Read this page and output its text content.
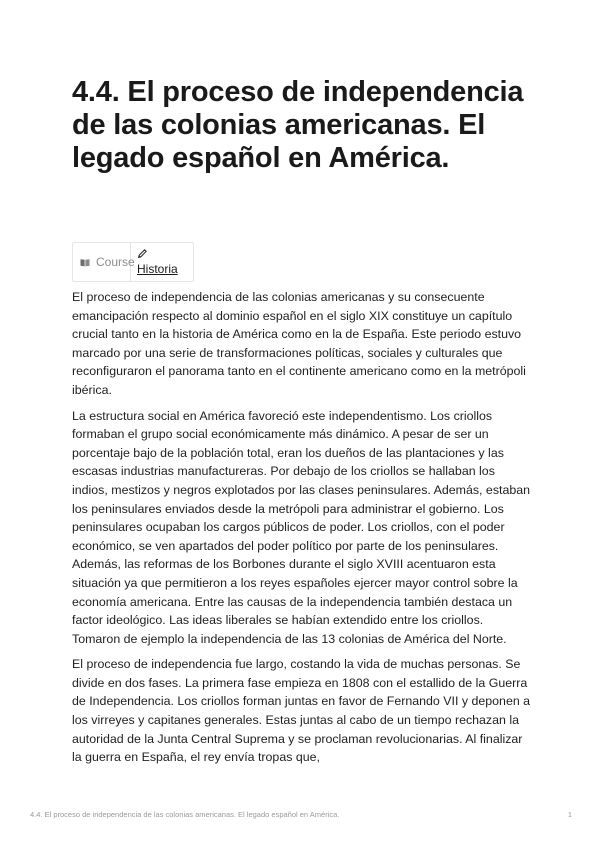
4.4. El proceso de independencia de las colonias americanas. El legado español en América.
Course Historia

El proceso de independencia de las colonias americanas y su consecuente emancipación respecto al dominio español en el siglo XIX constituye un capítulo crucial tanto en la historia de América como en la de España. Este periodo estuvo marcado por una serie de transformaciones políticas, sociales y culturales que reconfiguraron el panorama tanto en el continente americano como en la metrópoli ibérica.

La estructura social en América favoreció este independentismo. Los criollos formaban el grupo social económicamente más dinámico. A pesar de ser un porcentaje bajo de la población total, eran los dueños de las plantaciones y las escasas industrias manufactureras. Por debajo de los criollos se hallaban los indios, mestizos y negros explotados por las clases peninsulares. Además, estaban los peninsulares enviados desde la metrópoli para administrar el gobierno. Los peninsulares ocupaban los cargos públicos de poder. Los criollos, con el poder económico, se ven apartados del poder político por parte de los peninsulares. Además, las reformas de los Borbones durante el siglo XVIII acentuaron esta situación ya que permitieron a los reyes españoles ejercer mayor control sobre la economía americana. Entre las causas de la independencia también destaca un factor ideológico. Las ideas liberales se habían extendido entre los criollos. Tomaron de ejemplo la independencia de las 13 colonias de América del Norte.

El proceso de independencia fue largo, costando la vida de muchas personas. Se divide en dos fases. La primera fase empieza en 1808 con el estallido de la Guerra de Independencia. Los criollos forman juntas en favor de Fernando VII y deponen a los virreyes y capitanes generales. Estas juntas al cabo de un tiempo rechazan la autoridad de la Junta Central Suprema y se proclaman revolucionarias. Al finalizar la guerra en España, el rey envía tropas que,

4.4. El proceso de independencia de las colonias americanas. El legado español en América.	1
